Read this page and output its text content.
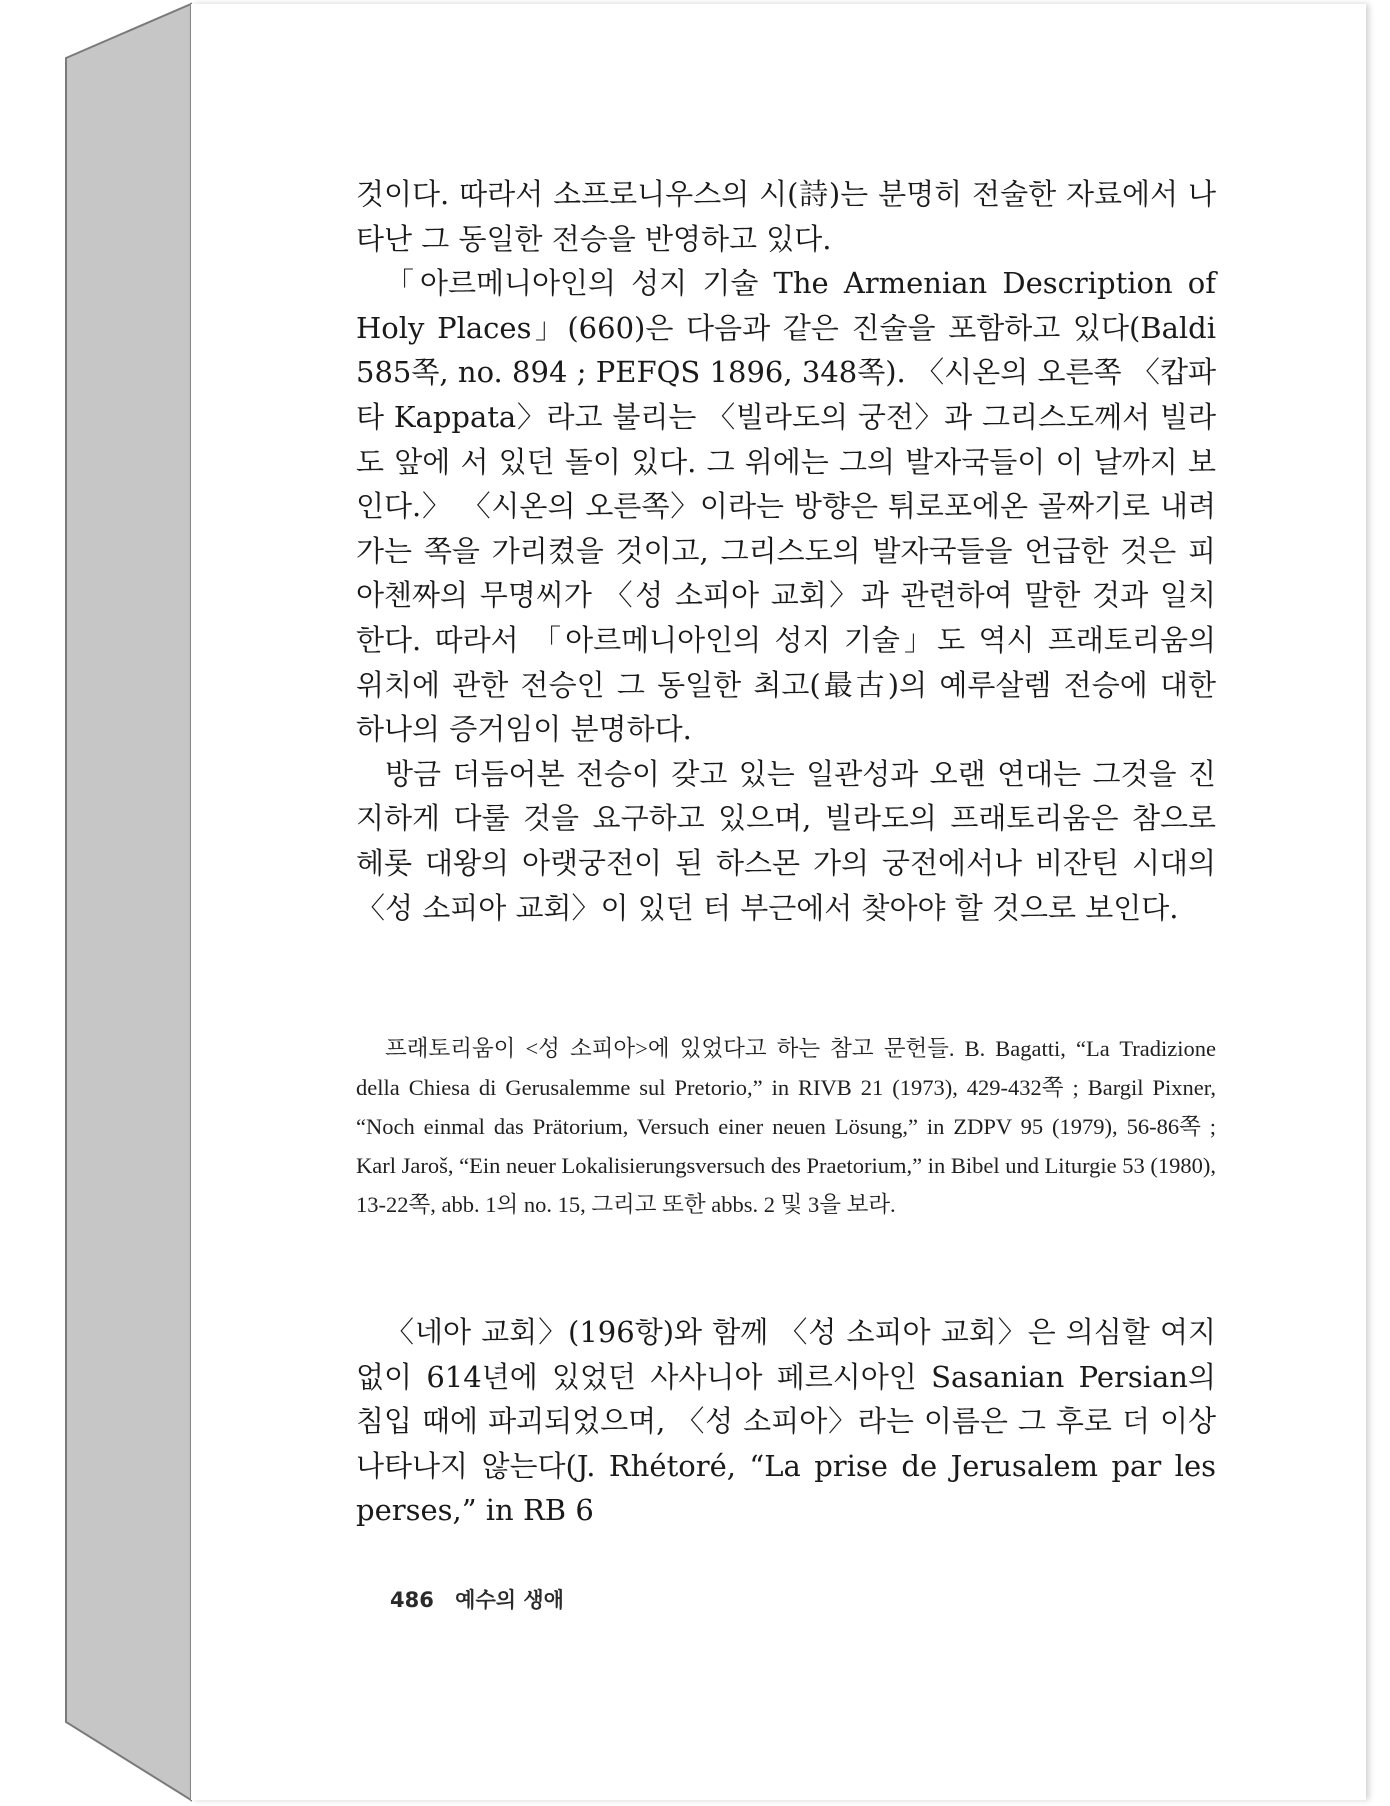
것이다. 따라서 소프로니우스의 시(詩)는 분명히 전술한 자료에서 나타난 그 동일한 전승을 반영하고 있다.

「아르메니아인의 성지 기술 The Armenian Description of Holy Places」(660)은 다음과 같은 진술을 포함하고 있다(Baldi 585쪽, no. 894 ; PEFQS 1896, 348쪽). 〈시온의 오른쪽 〈캅파타 Kappata〉라고 불리는 〈빌라도의 궁전〉과 그리스도께서 빌라도 앞에 서 있던 돌이 있다. 그 위에는 그의 발자국들이 이 날까지 보인다.〉 〈시온의 오른쪽〉이라는 방향은 튀로포에온 골짜기로 내려가는 쪽을 가리켰을 것이고, 그리스도의 발자국들을 언급한 것은 피아첸짜의 무명씨가 〈성 소피아 교회〉과 관련하여 말한 것과 일치한다. 따라서 「아르메니아인의 성지 기술」도 역시 프래토리움의 위치에 관한 전승인 그 동일한 최고(最古)의 예루살렘 전승에 대한 하나의 증거임이 분명하다.

방금 더듬어본 전승이 갖고 있는 일관성과 오랜 연대는 그것을 진지하게 다룰 것을 요구하고 있으며, 빌라도의 프래토리움은 참으로 헤롯 대왕의 아랫궁전이 된 하스몬 가의 궁전에서나 비잔틴 시대의 〈성 소피아 교회〉이 있던 터 부근에서 찾아야 할 것으로 보인다.

프래토리움이 <성 소피아>에 있었다고 하는 참고 문헌들. B. Bagatti, “La Tradizione della Chiesa di Gerusalemme sul Pretorio,” in RIVB 21 (1973), 429-432쪽 ; Bargil Pixner, “Noch einmal das Prätorium, Versuch einer neuen Lösung,” in ZDPV 95 (1979), 56-86쪽 ; Karl Jaroš, “Ein neuer Lokalisierungsversuch des Praetorium,” in Bibel und Liturgie 53 (1980), 13-22쪽, abb. 1의 no. 15, 그리고 또한 abbs. 2 및 3을 보라.

〈네아 교회〉(196항)와 함께 〈성 소피아 교회〉은 의심할 여지없이 614년에 있었던 사사니아 페르시아인 Sasanian Persian의 침입 때에 파괴되었으며, 〈성 소피아〉라는 이름은 그 후로 더 이상 나타나지 않는다(J. Rhétoré, “La prise de Jerusalem par les perses,” in RB 6

486 예수의 생애
